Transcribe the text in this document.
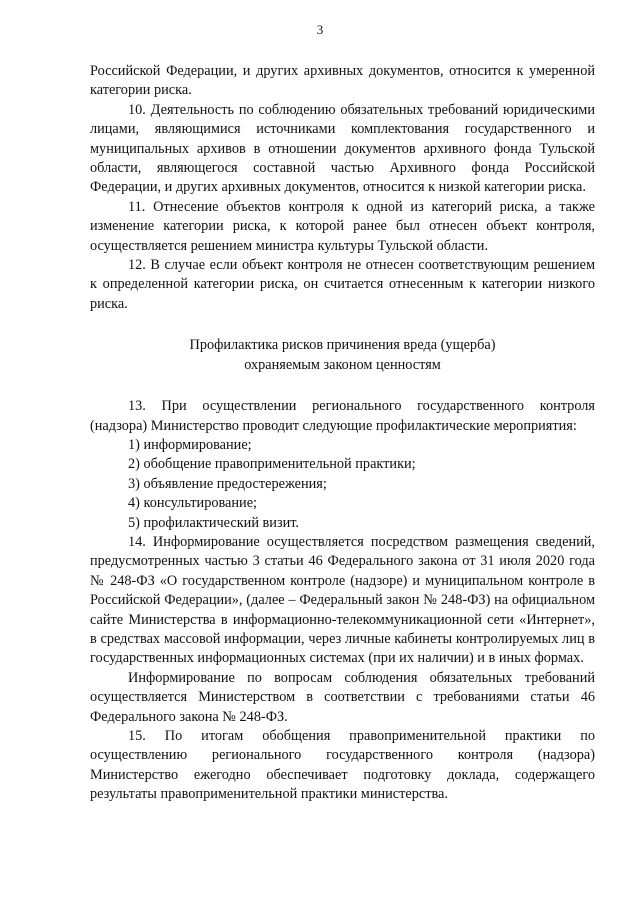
3

Российской Федерации, и других архивных документов, относится к умеренной категории риска.

10. Деятельность по соблюдению обязательных требований юридическими лицами, являющимися источниками комплектования государственного и муниципальных архивов в отношении документов архивного фонда Тульской области, являющегося составной частью Архивного фонда Российской Федерации, и других архивных документов, относится к низкой категории риска.

11. Отнесение объектов контроля к одной из категорий риска, а также изменение категории риска, к которой ранее был отнесен объект контроля, осуществляется решением министра культуры Тульской области.

12. В случае если объект контроля не отнесен соответствующим решением к определенной категории риска, он считается отнесенным к категории низкого риска.

Профилактика рисков причинения вреда (ущерба)
охраняемым законом ценностям

13. При осуществлении регионального государственного контроля (надзора) Министерство проводит следующие профилактические мероприятия:

1) информирование;

2) обобщение правоприменительной практики;

3) объявление предостережения;

4) консультирование;

5) профилактический визит.

14. Информирование осуществляется посредством размещения сведений, предусмотренных частью 3 статьи 46 Федерального закона от 31 июля 2020 года № 248-ФЗ «О государственном контроле (надзоре) и муниципальном контроле в Российской Федерации», (далее – Федеральный закон № 248-ФЗ) на официальном сайте Министерства в информационно-телекоммуникационной сети «Интернет», в средствах массовой информации, через личные кабинеты контролируемых лиц в государственных информационных системах (при их наличии) и в иных формах.

Информирование по вопросам соблюдения обязательных требований осуществляется Министерством в соответствии с требованиями статьи 46 Федерального закона № 248-ФЗ.

15. По итогам обобщения правоприменительной практики по осуществлению регионального государственного контроля (надзора) Министерство ежегодно обеспечивает подготовку доклада, содержащего результаты правоприменительной практики министерства.
